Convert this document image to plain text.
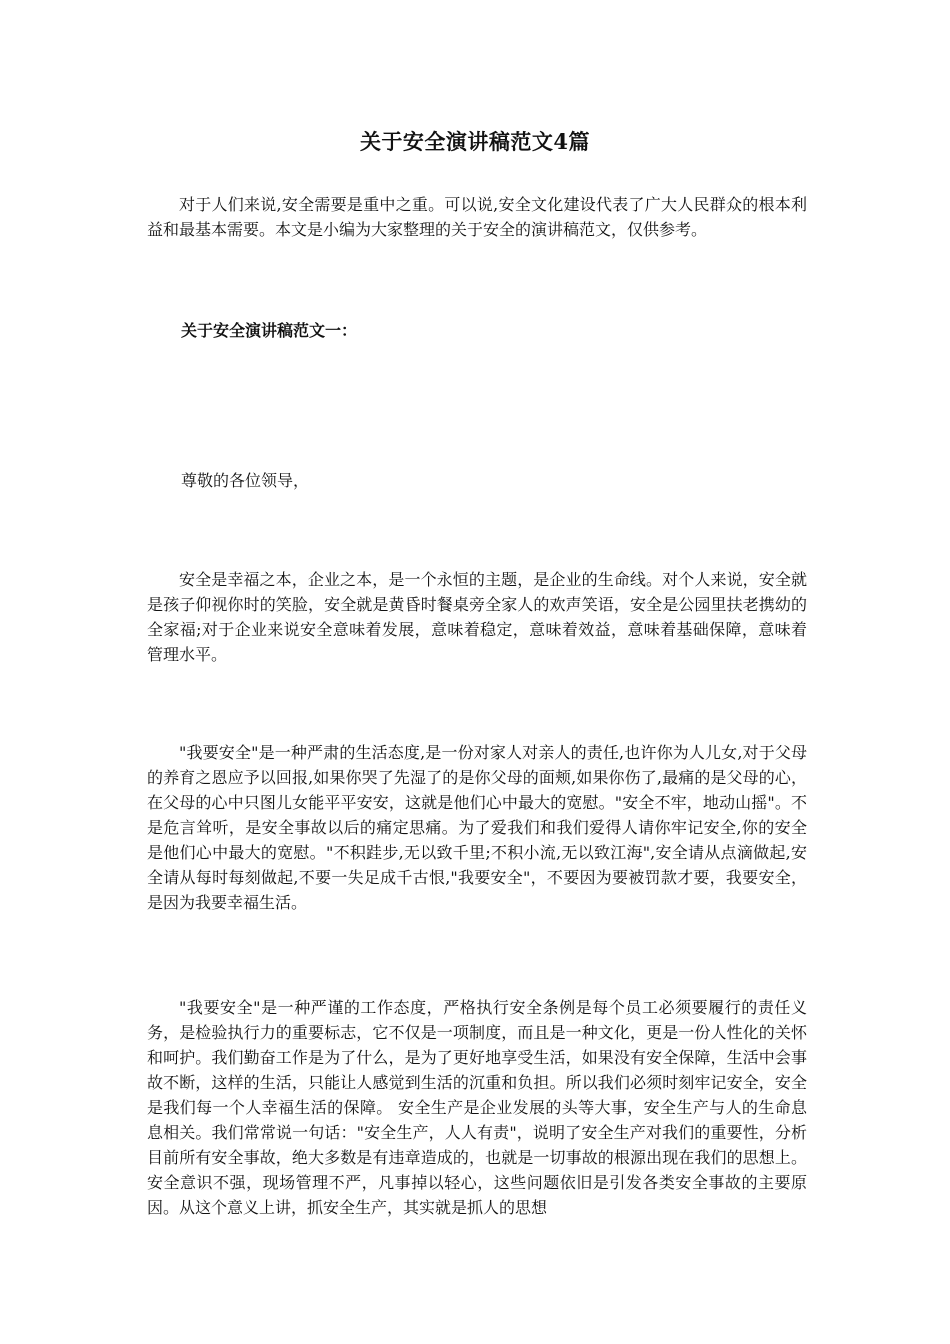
关于安全演讲稿范文4篇

对于人们来说,安全需要是重中之重。可以说,安全文化建设代表了广大人民群众的根本利益和最基本需要。本文是小编为大家整理的关于安全的演讲稿范文，仅供参考。

关于安全演讲稿范文一：
尊敬的各位领导，

安全是幸福之本，企业之本，是一个永恒的主题，是企业的生命线。对个人来说，安全就是孩子仰视你时的笑脸，安全就是黄昏时餐桌旁全家人的欢声笑语，安全是公园里扶老携幼的全家福;对于企业来说安全意味着发展，意味着稳定，意味着效益，意味着基础保障，意味着管理水平。

"我要安全"是一种严肃的生活态度,是一份对家人对亲人的责任,也许你为人儿女,对于父母的养育之恩应予以回报,如果你哭了先湿了的是你父母的面颊,如果你伤了,最痛的是父母的心，在父母的心中只图儿女能平平安安，这就是他们心中最大的宽慰。"安全不牢，地动山摇"。不是危言耸听，是安全事故以后的痛定思痛。为了爱我们和我们爱得人请你牢记安全,你的安全是他们心中最大的宽慰。"不积跬步,无以致千里;不积小流,无以致江海",安全请从点滴做起,安全请从每时每刻做起,不要一失足成千古恨,"我要安全"，不要因为要被罚款才要，我要安全，是因为我要幸福生活。

"我要安全"是一种严谨的工作态度，严格执行安全条例是每个员工必须要履行的责任义务，是检验执行力的重要标志，它不仅是一项制度，而且是一种文化，更是一份人性化的关怀和呵护。我们勤奋工作是为了什么，是为了更好地享受生活，如果没有安全保障，生活中会事故不断，这样的生活，只能让人感觉到生活的沉重和负担。所以我们必须时刻牢记安全，安全是我们每一个人幸福生活的保障。 安全生产是企业发展的头等大事，安全生产与人的生命息息相关。我们常常说一句话："安全生产，人人有责"，说明了安全生产对我们的重要性，分析目前所有安全事故，绝大多数是有违章造成的，也就是一切事故的根源出现在我们的思想上。安全意识不强，现场管理不严，凡事掉以轻心，这些问题依旧是引发各类安全事故的主要原因。从这个意义上讲，抓安全生产，其实就是抓人的思想
